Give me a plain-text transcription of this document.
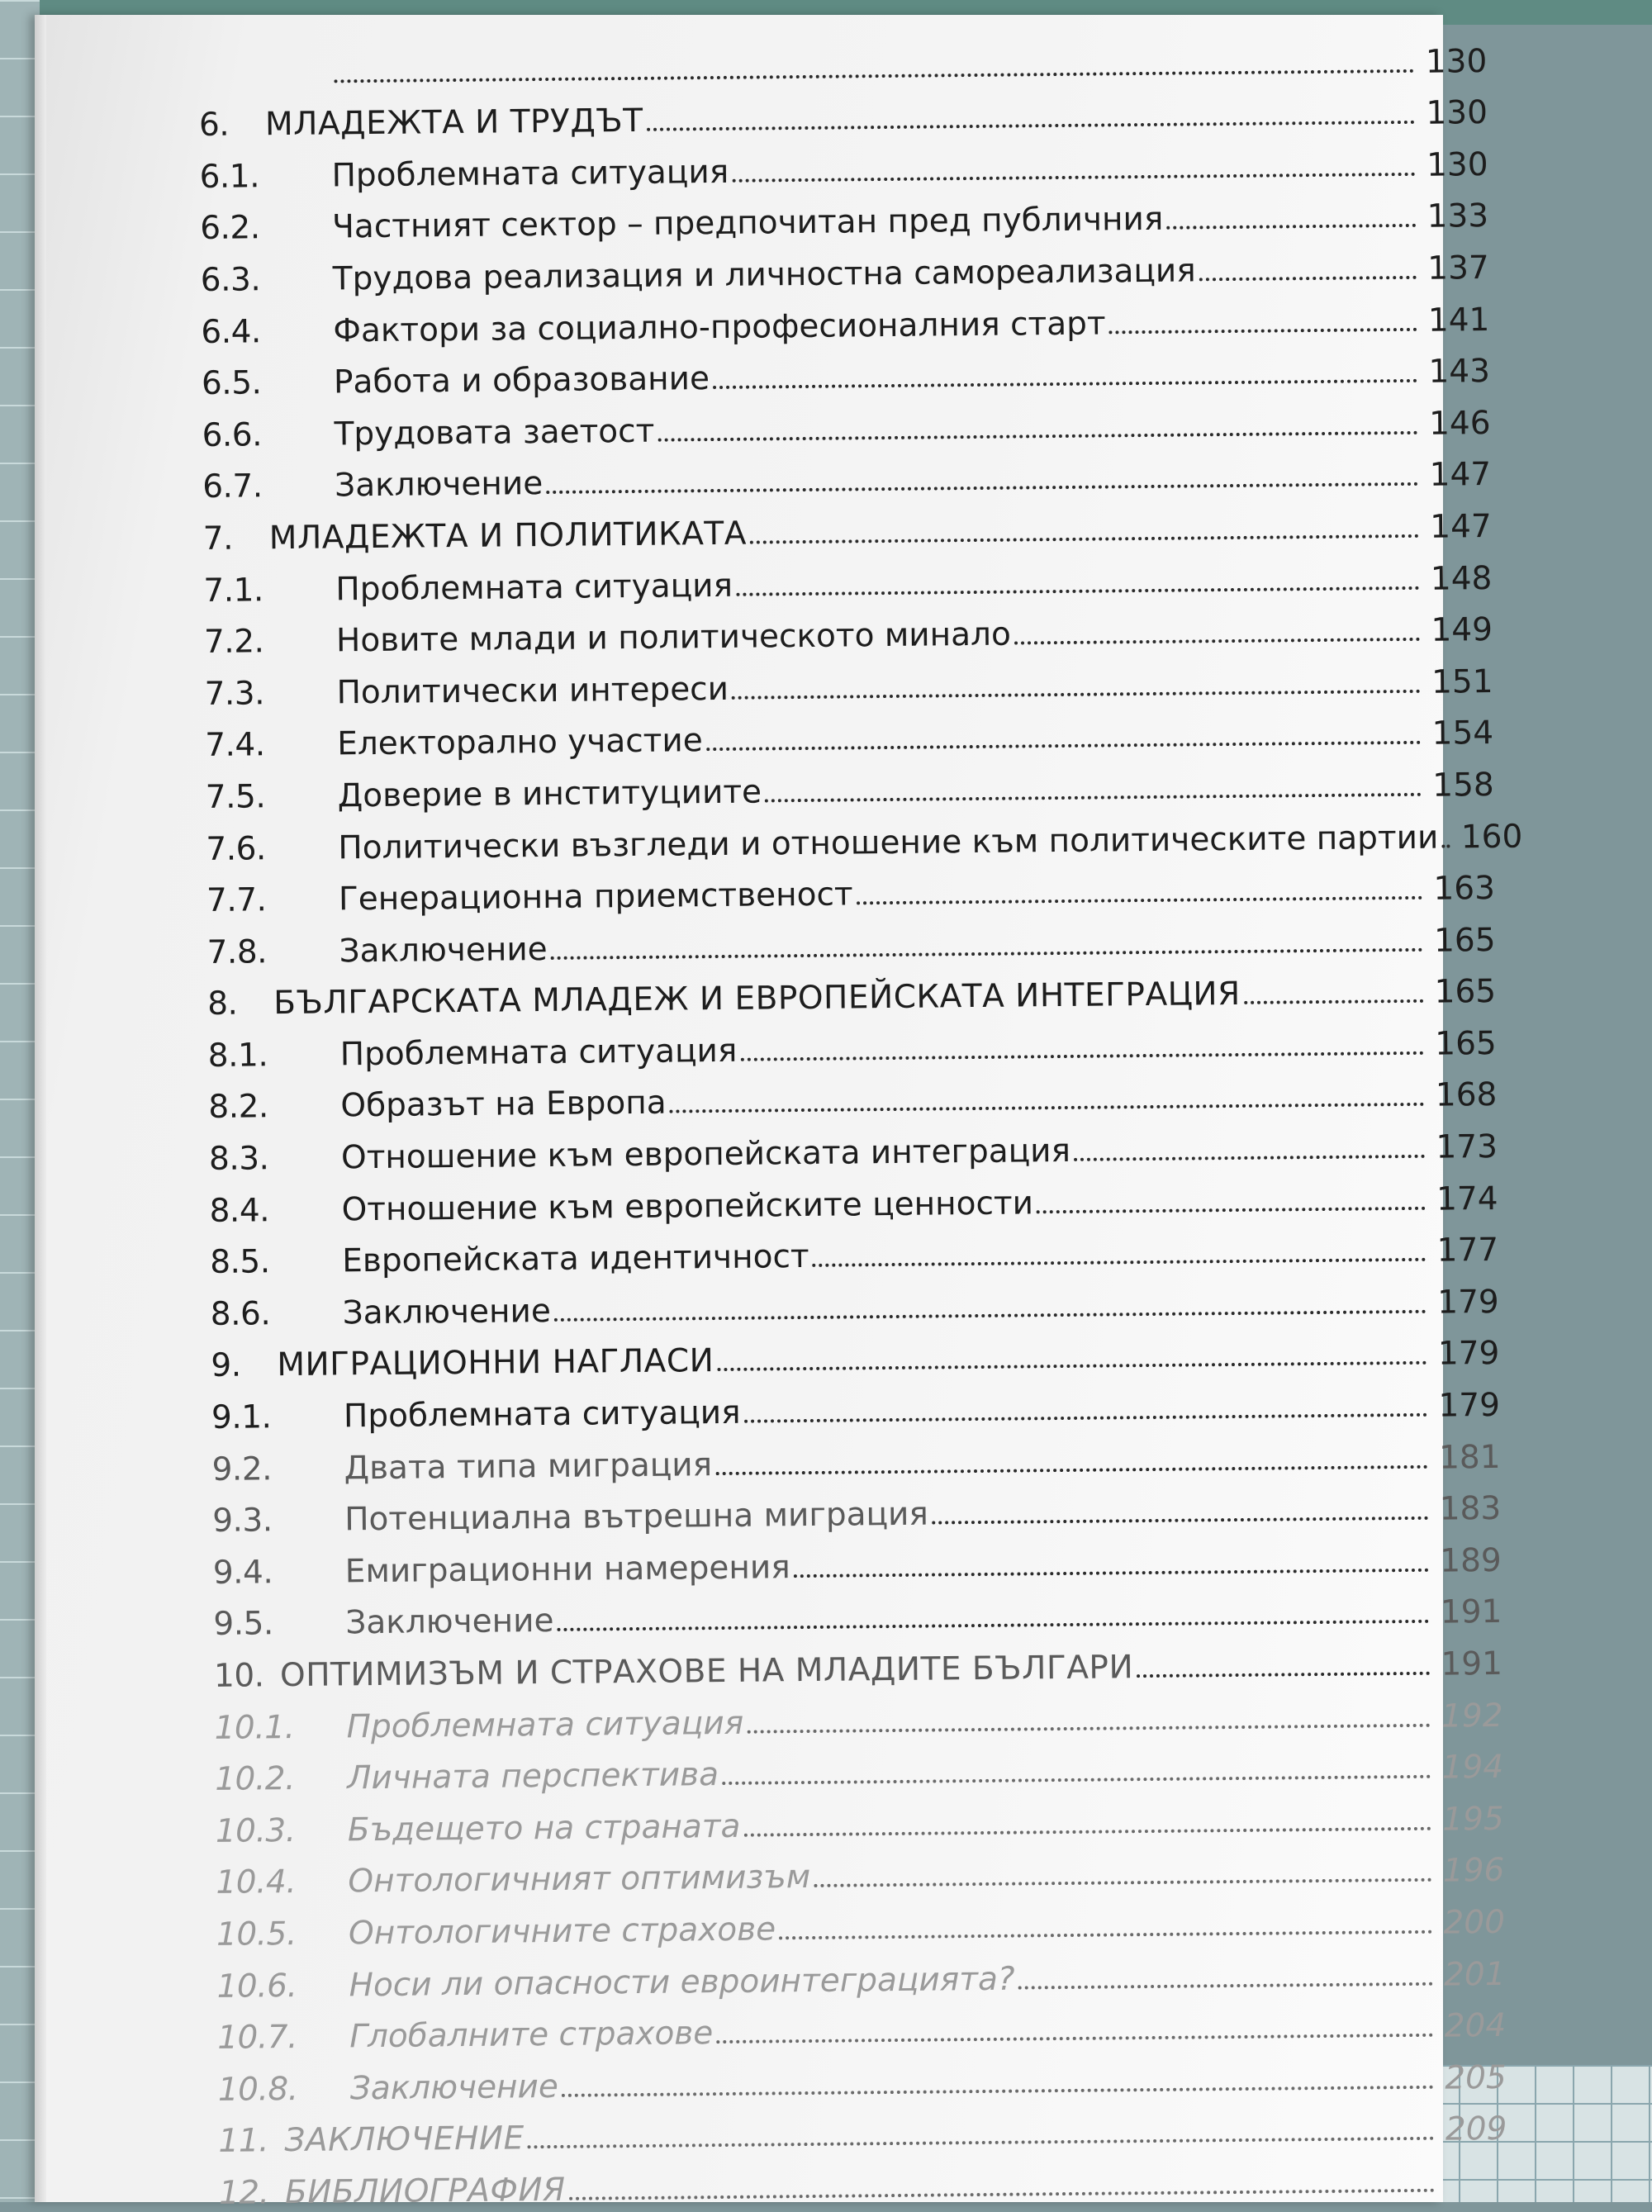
130
6.	МЛАДЕЖТА И ТРУДЪТ	130
6.1.	Проблемната ситуация	130
6.2.	Частният сектор – предпочитан пред публичния	133
6.3.	Трудова реализация и личностна самореализация	137
6.4.	Фактори за социално-професионалния старт	141
6.5.	Работа и образование	143
6.6.	Трудовата заетост	146
6.7.	Заключение	147
7.	МЛАДЕЖТА И ПОЛИТИКАТА	147
7.1.	Проблемната ситуация	148
7.2.	Новите млади и политическото минало	149
7.3.	Политически интереси	151
7.4.	Електорално участие	154
7.5.	Доверие в институциите	158
7.6.	Политически възгледи и отношение към политическите партии 160
7.7.	Генерационна приемственост	163
7.8.	Заключение	165
8.	БЪЛГАРСКАТА МЛАДЕЖ И ЕВРОПЕЙСКАТА ИНТЕГРАЦИЯ	165
8.1.	Проблемната ситуация	165
8.2.	Образът на Европа	168
8.3.	Отношение към европейската интеграция	173
8.4.	Отношение към европейските ценности	174
8.5.	Европейската идентичност	177
8.6.	Заключение	179
9.	МИГРАЦИОННИ НАГЛАСИ	179
9.1.	Проблемната ситуация	179
9.2.	Двата типа миграция	181
9.3.	Потенциална вътрешна миграция	183
9.4.	Емиграционни намерения	189
9.5.	Заключение	191
10. ОПТИМИЗЪМ И СТРАХОВЕ НА МЛАДИТЕ БЪЛГАРИ	191
10.1.	Проблемната ситуация	192
10.2.	Личната перспектива	194
10.3.	Бъдещето на страната	195
10.4.	Онтологичният оптимизъм	196
10.5.	Онтологичните страхове	200
10.6.	Носи ли опасности евроинтеграцията?	201
10.7.	Глобалните страхове	204
10.8.	Заключение	205
11. ЗАКЛЮЧЕНИЕ	209
12. БИБЛИОГРАФИЯ
